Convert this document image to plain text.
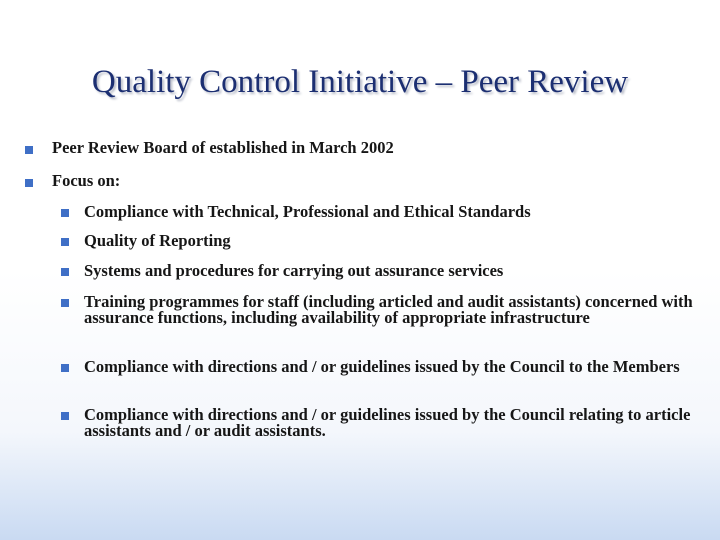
Quality Control Initiative – Peer Review
Peer Review Board of established in March 2002
Focus on:
Compliance with Technical, Professional and Ethical Standards
Quality of Reporting
Systems and procedures for carrying out assurance services
Training programmes for staff (including articled and audit assistants) concerned with assurance functions, including availability of appropriate infrastructure
Compliance with directions and / or guidelines issued by the Council to the Members
Compliance with directions and / or guidelines issued by the Council relating to article assistants and / or audit assistants.
